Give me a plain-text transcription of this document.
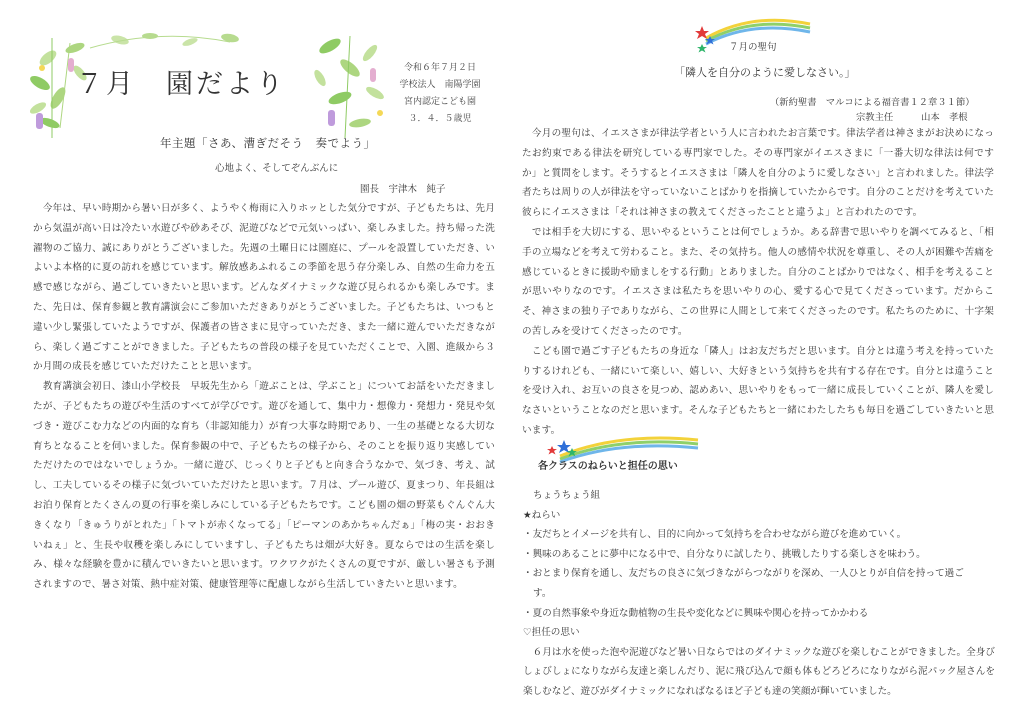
７月　園だより
令和６年７月２日
学校法人　南陽学園
宮内認定こども園
３．４．５歳児
年主題「さあ、漕ぎだそう　奏でよう」
心地よく、そしてぞんぶんに
園長　宇津木　純子

　今年は、早い時期から暑い日が多く、ようやく梅雨に入りホッとした気分ですが、子どもたちは、先月から気温が高い日は冷たい水遊びや砂あそび、泥遊びなどで元気いっぱい、楽しみました。持ち帰った洗濯物のご協力、誠にありがとうございました。先週の土曜日には園庭に、プールを設置していただき、いよいよ本格的に夏の訪れを感じています。解放感あふれるこの季節を思う存分楽しみ、自然の生命力を五感で感じながら、過ごしていきたいと思います。どんなダイナミックな遊び見られるかも楽しみです。また、先日は、保育参観と教育講演会にご参加いただきありがとうございました。子どもたちは、いつもと違い少し緊張していたようですが、保護者の皆さまに見守っていただき、また一緒に遊んでいただきながら、楽しく過ごすことができました。子どもたちの普段の様子を見ていただくことで、入園、進級から３か月間の成長を感じていただけたことと思います。

　教育講演会初日、漆山小学校長　早坂先生から「遊ぶことは、学ぶこと」についてお話をいただきましたが、子どもたちの遊びや生活のすべてが学びです。遊びを通して、集中力・想像力・発想力・発見や気づき・遊びこむ力などの内面的な育ち（非認知能力）が育つ大事な時期であり、一生の基礎となる大切な育ちとなることを伺いました。保育参観の中で、子どもたちの様子から、そのことを振り返り実感していただけたのではないでしょうか。一緒に遊び、じっくりと子どもと向き合うなかで、気づき、考え、試し、工夫しているその様子に気づいていただけたと思います。７月は、プール遊び、夏まつり、年長組はお泊り保育とたくさんの夏の行事を楽しみにしている子どもたちです。こども園の畑の野菜もぐんぐん大きくなり「きゅうりがとれた」「トマトが赤くなってる」「ピーマンのあかちゃんだぁ」「梅の実・おおきいねぇ」と、生長や収穫を楽しみにしていますし、子どもたちは畑が大好き。夏ならではの生活を楽しみ、様々な経験を豊かに積んでいきたいと思います。ワクワクがたくさんの夏ですが、厳しい暑さも予測されますので、暑さ対策、熱中症対策、健康管理等に配慮しながら生活していきたいと思います。

７月の聖句
「隣人を自分のように愛しなさい。」
（新約聖書　マルコによる福音書１２章３１節）
宗教主任　　　山本　孝根

　今月の聖句は、イエスさまが律法学者という人に言われたお言葉です。律法学者は神さまがお決めになったお約束である律法を研究している専門家でした。その専門家がイエスさまに「一番大切な律法は何ですか」と質問をします。そうするとイエスさまは「隣人を自分のように愛しなさい」と言われました。律法学者たちは周りの人が律法を守っていないことばかりを指摘していたからです。自分のことだけを考えていた彼らにイエスさまは「それは神さまの教えてくださったことと違うよ」と言われたのです。

　では相手を大切にする、思いやるということは何でしょうか。ある辞書で思いやりを調べてみると、「相手の立場などを考えて労わること。また、その気持ち。他人の感情や状況を尊重し、その人が困難や苦痛を感じているときに援助や励ましをする行動」とありました。自分のことばかりではなく、相手を考えることが思いやりなのです。イエスさまは私たちを思いやりの心、愛する心で見てくださっています。だからこそ、神さまの独り子でありながら、この世界に人間として来てくださったのです。私たちのために、十字架の苦しみを受けてくださったのです。

　こども園で過ごす子どもたちの身近な「隣人」はお友だちだと思います。自分とは違う考えを持っていたりするけれども、一緒にいて楽しい、嬉しい、大好きという気持ちを共有する存在です。自分とは違うことを受け入れ、お互いの良さを見つめ、認めあい、思いやりをもって一緒に成長していくことが、隣人を愛しなさいということなのだと思います。そんな子どもたちと一緒にわたしたちも毎日を過ごしていきたいと思います。

各クラスのねらいと担任の思い
ちょうちょう組
★ねらい
・友だちとイメージを共有し、目的に向かって気持ちを合わせながら遊びを進めていく。
・興味のあることに夢中になる中で、自分なりに試したり、挑戦したりする楽しさを味わう。
・おとまり保育を通し、友だちの良さに気づきながらつながりを深め、一人ひとりが自信を持って過ごす。
・夏の自然事象や身近な動植物の生長や変化などに興味や関心を持ってかかわる
♡担任の思い
　６月は水を使った泡や泥遊びなど暑い日ならではのダイナミックな遊びを楽しむことができました。全身びしょびしょになりながら友達と楽しんだり、泥に飛び込んで顔も体もどろどろになりながら泥パック屋さんを楽しむなど、遊びがダイナミックになればなるほど子ども達の笑顔が輝いていました。
